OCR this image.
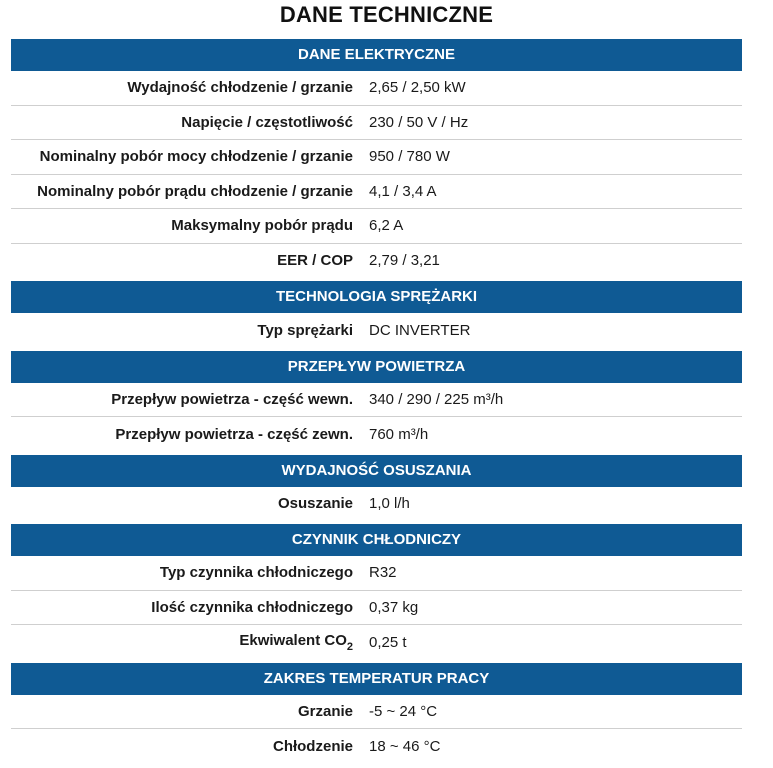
DANE TECHNICZNE
DANE ELEKTRYCZNE
Wydajność chłodzenie / grzanie	2,65 / 2,50 kW
Napięcie / częstotliwość	230 / 50 V / Hz
Nominalny pobór mocy chłodzenie / grzanie	950 / 780 W
Nominalny pobór prądu chłodzenie / grzanie	4,1 / 3,4 A
Maksymalny pobór prądu	6,2 A
EER / COP	2,79 / 3,21
TECHNOLOGIA SPRĘŻARKI
Typ sprężarki	DC INVERTER
PRZEPŁYW POWIETRZA
Przepływ powietrza - część wewn.	340 / 290 / 225 m³/h
Przepływ powietrza - część zewn.	760 m³/h
WYDAJNOŚĆ OSUSZANIA
Osuszanie	1,0 l/h
CZYNNIK CHŁODNICZY
Typ czynnika chłodniczego	R32
Ilość czynnika chłodniczego	0,37 kg
Ekwiwalent $CO_2$	0,25 t
ZAKRES TEMPERATUR PRACY
Grzanie	-5 ~ 24 °C
Chłodzenie	18 ~ 46 °C
